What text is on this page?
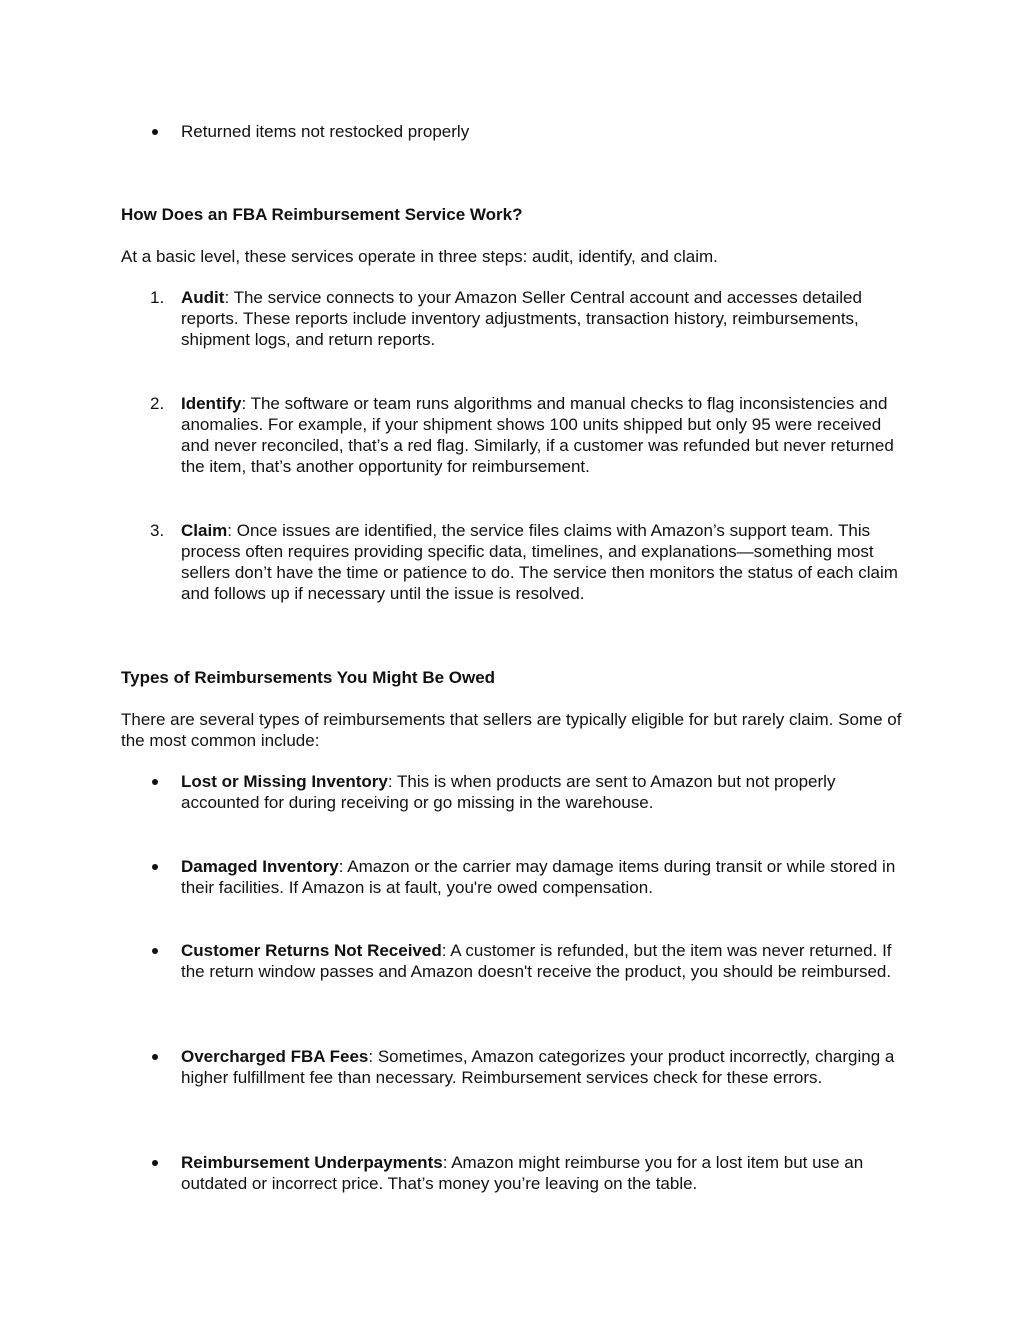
Returned items not restocked properly
How Does an FBA Reimbursement Service Work?

At a basic level, these services operate in three steps: audit, identify, and claim.

1. Audit: The service connects to your Amazon Seller Central account and accesses detailed reports. These reports include inventory adjustments, transaction history, reimbursements, shipment logs, and return reports.
2. Identify: The software or team runs algorithms and manual checks to flag inconsistencies and anomalies. For example, if your shipment shows 100 units shipped but only 95 were received and never reconciled, that’s a red flag. Similarly, if a customer was refunded but never returned the item, that’s another opportunity for reimbursement.
3. Claim: Once issues are identified, the service files claims with Amazon’s support team. This process often requires providing specific data, timelines, and explanations—something most sellers don’t have the time or patience to do. The service then monitors the status of each claim and follows up if necessary until the issue is resolved.
Types of Reimbursements You Might Be Owed

There are several types of reimbursements that sellers are typically eligible for but rarely claim. Some of the most common include:

Lost or Missing Inventory: This is when products are sent to Amazon but not properly accounted for during receiving or go missing in the warehouse.
Damaged Inventory: Amazon or the carrier may damage items during transit or while stored in their facilities. If Amazon is at fault, you're owed compensation.
Customer Returns Not Received: A customer is refunded, but the item was never returned. If the return window passes and Amazon doesn't receive the product, you should be reimbursed.
Overcharged FBA Fees: Sometimes, Amazon categorizes your product incorrectly, charging a higher fulfillment fee than necessary. Reimbursement services check for these errors.
Reimbursement Underpayments: Amazon might reimburse you for a lost item but use an outdated or incorrect price. That’s money you’re leaving on the table.
